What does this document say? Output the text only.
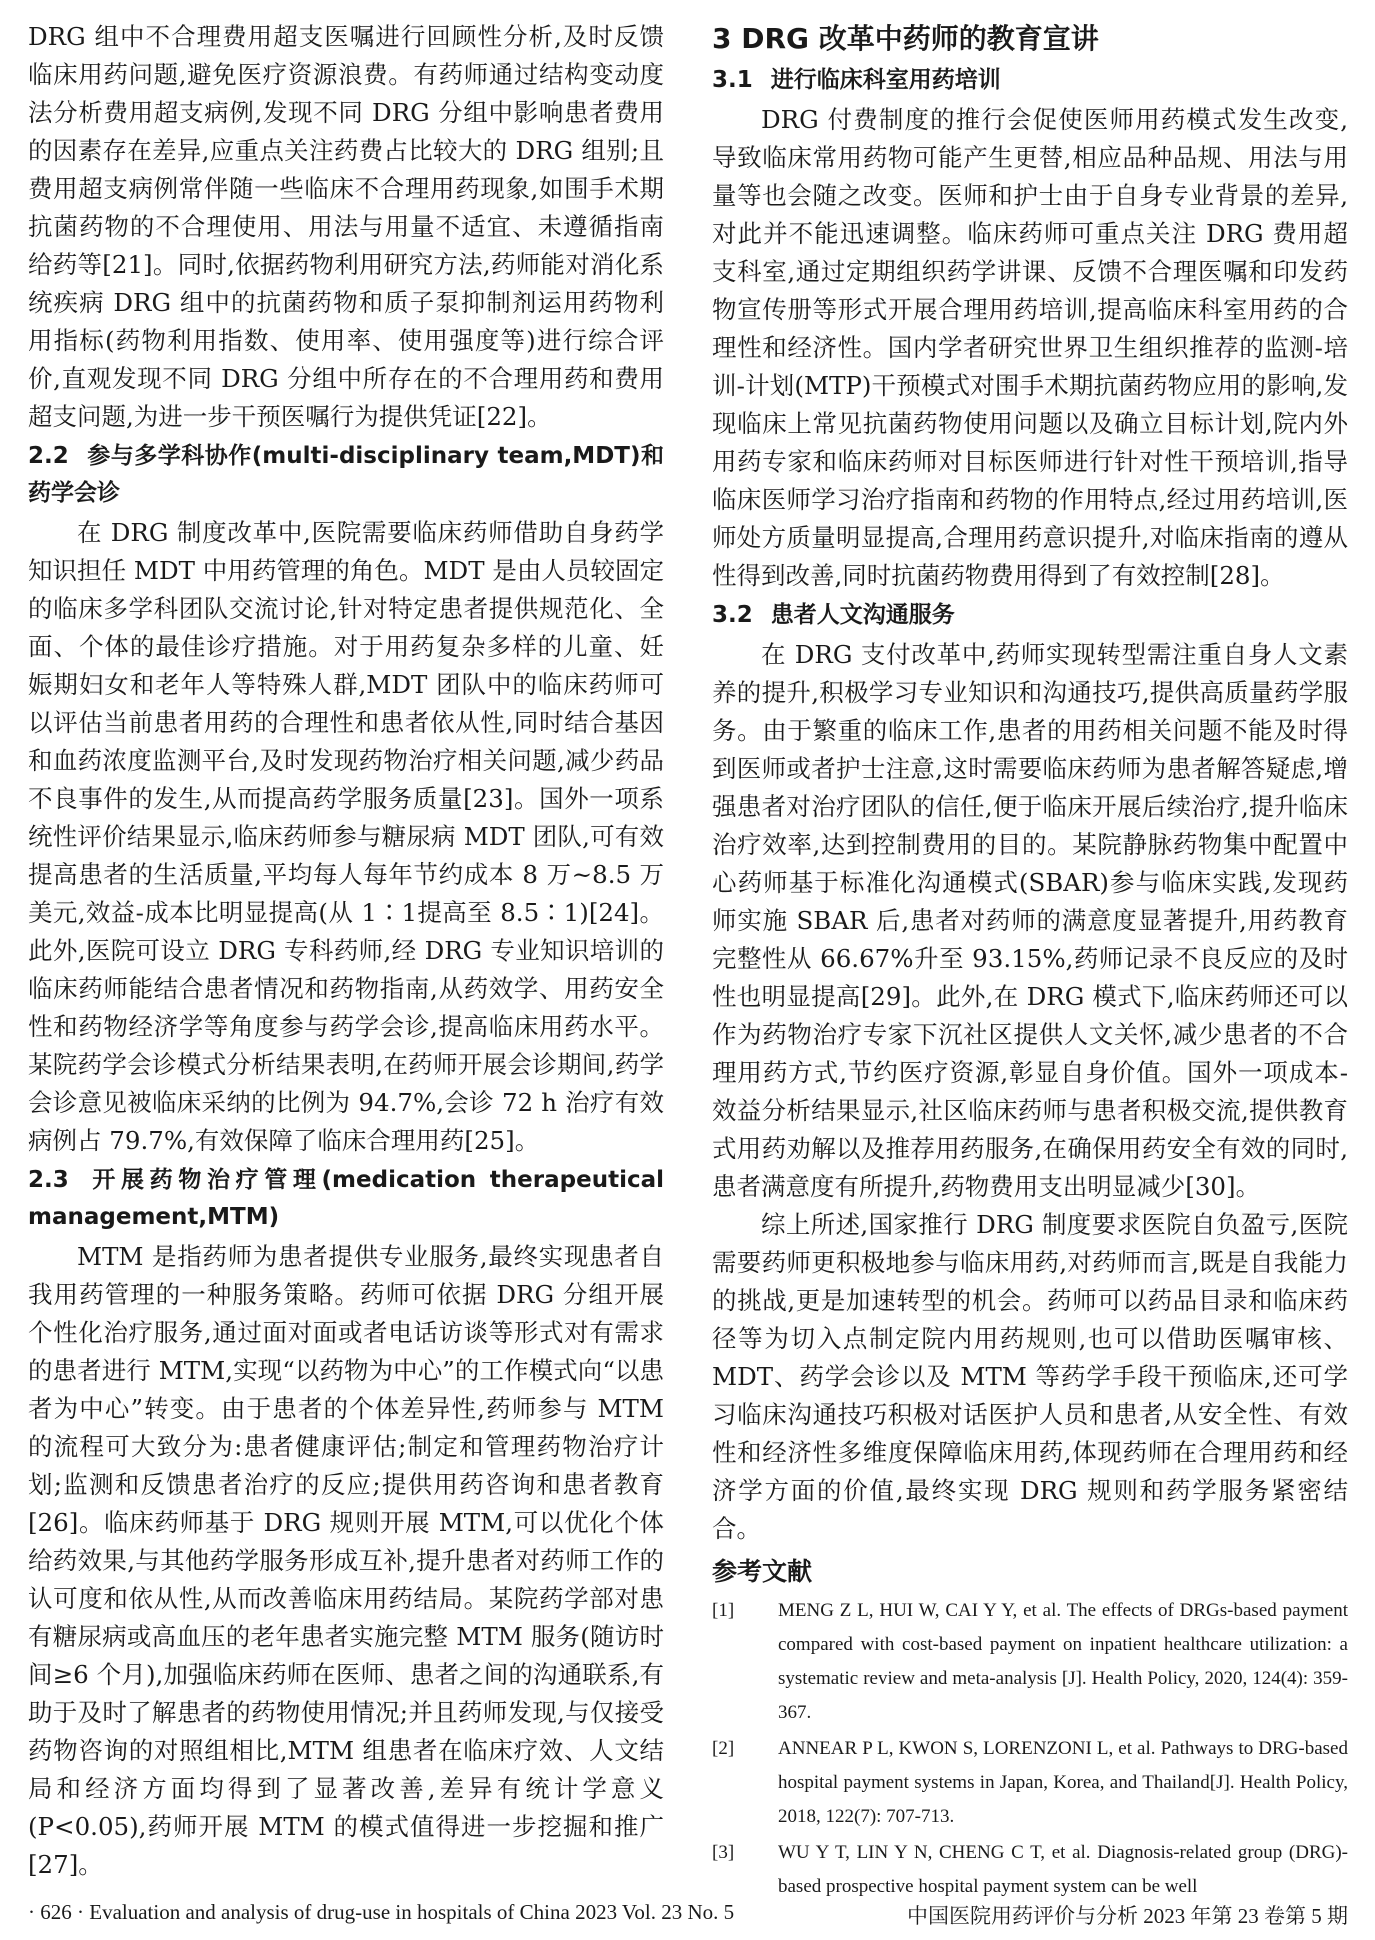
DRG 组中不合理费用超支医嘱进行回顾性分析,及时反馈临床用药问题,避免医疗资源浪费。有药师通过结构变动度法分析费用超支病例,发现不同 DRG 分组中影响患者费用的因素存在差异,应重点关注药费占比较大的 DRG 组别;且费用超支病例常伴随一些临床不合理用药现象,如围手术期抗菌药物的不合理使用、用法与用量不适宜、未遵循指南给药等[21]。同时,依据药物利用研究方法,药师能对消化系统疾病 DRG 组中的抗菌药物和质子泵抑制剂运用药物利用指标(药物利用指数、使用率、使用强度等)进行综合评价,直观发现不同 DRG 分组中所存在的不合理用药和费用超支问题,为进一步干预医嘱行为提供凭证[22]。

2.2 参与多学科协作(multi-disciplinary team,MDT)和药学会诊

在 DRG 制度改革中,医院需要临床药师借助自身药学知识担任 MDT 中用药管理的角色。MDT 是由人员较固定的临床多学科团队交流讨论,针对特定患者提供规范化、全面、个体的最佳诊疗措施。对于用药复杂多样的儿童、妊娠期妇女和老年人等特殊人群,MDT 团队中的临床药师可以评估当前患者用药的合理性和患者依从性,同时结合基因和血药浓度监测平台,及时发现药物治疗相关问题,减少药品不良事件的发生,从而提高药学服务质量[23]。国外一项系统性评价结果显示,临床药师参与糖尿病 MDT 团队,可有效提高患者的生活质量,平均每人每年节约成本 8 万~8.5 万美元,效益-成本比明显提高(从 1∶1提高至 8.5∶1)[24]。此外,医院可设立 DRG 专科药师,经 DRG 专业知识培训的临床药师能结合患者情况和药物指南,从药效学、用药安全性和药物经济学等角度参与药学会诊,提高临床用药水平。某院药学会诊模式分析结果表明,在药师开展会诊期间,药学会诊意见被临床采纳的比例为 94.7%,会诊 72 h 治疗有效病例占 79.7%,有效保障了临床合理用药[25]。

2.3 开展药物治疗管理(medication therapeutical management,MTM)

MTM 是指药师为患者提供专业服务,最终实现患者自我用药管理的一种服务策略。药师可依据 DRG 分组开展个性化治疗服务,通过面对面或者电话访谈等形式对有需求的患者进行 MTM,实现“以药物为中心”的工作模式向“以患者为中心”转变。由于患者的个体差异性,药师参与 MTM 的流程可大致分为:患者健康评估;制定和管理药物治疗计划;监测和反馈患者治疗的反应;提供用药咨询和患者教育[26]。临床药师基于 DRG 规则开展 MTM,可以优化个体给药效果,与其他药学服务形成互补,提升患者对药师工作的认可度和依从性,从而改善临床用药结局。某院药学部对患有糖尿病或高血压的老年患者实施完整 MTM 服务(随访时间≥6 个月),加强临床药师在医师、患者之间的沟通联系,有助于及时了解患者的药物使用情况;并且药师发现,与仅接受药物咨询的对照组相比,MTM 组患者在临床疗效、人文结局和经济方面均得到了显著改善,差异有统计学意义(P<0.05),药师开展 MTM 的模式值得进一步挖掘和推广[27]。

3 DRG 改革中药师的教育宣讲
3.1 进行临床科室用药培训

DRG 付费制度的推行会促使医师用药模式发生改变,导致临床常用药物可能产生更替,相应品种品规、用法与用量等也会随之改变。医师和护士由于自身专业背景的差异,对此并不能迅速调整。临床药师可重点关注 DRG 费用超支科室,通过定期组织药学讲课、反馈不合理医嘱和印发药物宣传册等形式开展合理用药培训,提高临床科室用药的合理性和经济性。国内学者研究世界卫生组织推荐的监测-培训-计划(MTP)干预模式对围手术期抗菌药物应用的影响,发现临床上常见抗菌药物使用问题以及确立目标计划,院内外用药专家和临床药师对目标医师进行针对性干预培训,指导临床医师学习治疗指南和药物的作用特点,经过用药培训,医师处方质量明显提高,合理用药意识提升,对临床指南的遵从性得到改善,同时抗菌药物费用得到了有效控制[28]。

3.2 患者人文沟通服务

在 DRG 支付改革中,药师实现转型需注重自身人文素养的提升,积极学习专业知识和沟通技巧,提供高质量药学服务。由于繁重的临床工作,患者的用药相关问题不能及时得到医师或者护士注意,这时需要临床药师为患者解答疑虑,增强患者对治疗团队的信任,便于临床开展后续治疗,提升临床治疗效率,达到控制费用的目的。某院静脉药物集中配置中心药师基于标准化沟通模式(SBAR)参与临床实践,发现药师实施 SBAR 后,患者对药师的满意度显著提升,用药教育完整性从 66.67%升至 93.15%,药师记录不良反应的及时性也明显提高[29]。此外,在 DRG 模式下,临床药师还可以作为药物治疗专家下沉社区提供人文关怀,减少患者的不合理用药方式,节约医疗资源,彰显自身价值。国外一项成本-效益分析结果显示,社区临床药师与患者积极交流,提供教育式用药劝解以及推荐用药服务,在确保用药安全有效的同时,患者满意度有所提升,药物费用支出明显减少[30]。

综上所述,国家推行 DRG 制度要求医院自负盈亏,医院需要药师更积极地参与临床用药,对药师而言,既是自我能力的挑战,更是加速转型的机会。药师可以药品目录和临床药径等为切入点制定院内用药规则,也可以借助医嘱审核、MDT、药学会诊以及 MTM 等药学手段干预临床,还可学习临床沟通技巧积极对话医护人员和患者,从安全性、有效性和经济性多维度保障临床用药,体现药师在合理用药和经济学方面的价值,最终实现 DRG 规则和药学服务紧密结合。

参考文献
[1]	MENG Z L, HUI W, CAI Y Y, et al. The effects of DRGs-based payment compared with cost-based payment on inpatient healthcare utilization: a systematic review and meta-analysis [J]. Health Policy, 2020, 124(4): 359-367.
[2]	ANNEAR P L, KWON S, LORENZONI L, et al. Pathways to DRG-based hospital payment systems in Japan, Korea, and Thailand[J]. Health Policy, 2018, 122(7): 707-713.
[3]	WU Y T, LIN Y N, CHENG C T, et al. Diagnosis-related group (DRG)-based prospective hospital payment system can be well
· 626 · Evaluation and analysis of drug-use in hospitals of China 2023 Vol. 23 No. 5	中国医院用药评价与分析 2023 年第 23 卷第 5 期
